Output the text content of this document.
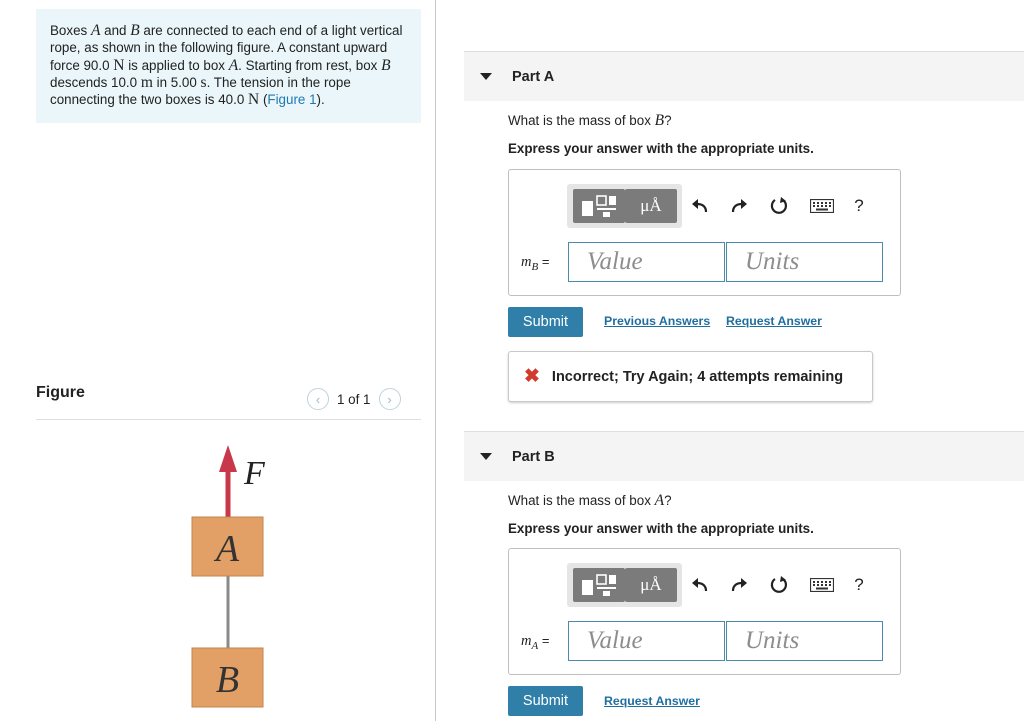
Boxes A and B are connected to each end of a light vertical rope, as shown in the following figure. A constant upward force 90.0 N is applied to box A. Starting from rest, box B descends 10.0 m in 5.00 s. The tension in the rope connecting the two boxes is 40.0 N (Figure 1).
Figure	‹	1 of 1	›
F
A
B
Part A
What is the mass of box B?
Express your answer with the appropriate units.
μÅ	?
$m_B$ =	Value	Units
Submit	Previous Answers Request Answer
✖ Incorrect; Try Again; 4 attempts remaining
Part B
What is the mass of box A?
Express your answer with the appropriate units.
μÅ	?
$m_A$ =	Value	Units
Submit	Request Answer
